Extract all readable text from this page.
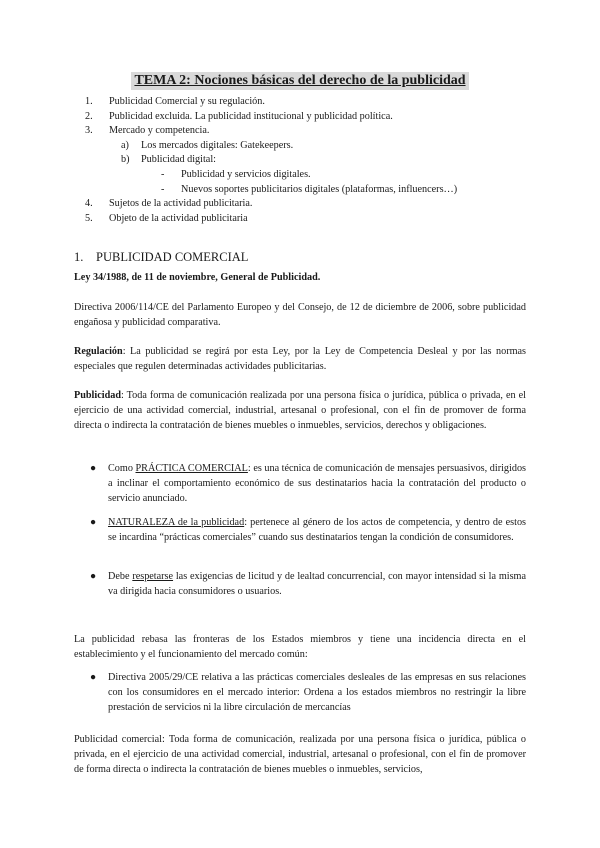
TEMA 2: Nociones básicas del derecho de la publicidad
1.	Publicidad Comercial y su regulación.
2.	Publicidad excluida. La publicidad institucional y publicidad política.
3.	Mercado y competencia.
a)	Los mercados digitales: Gatekeepers.
b)	Publicidad digital:
-	Publicidad y servicios digitales.
-	Nuevos soportes publicitarios digitales (plataformas, influencers…)
4.	Sujetos de la actividad publicitaria.
5.	Objeto de la actividad publicitaria
1.	PUBLICIDAD COMERCIAL
Ley 34/1988, de 11 de noviembre, General de Publicidad.
Directiva 2006/114/CE del Parlamento Europeo y del Consejo, de 12 de diciembre de 2006, sobre publicidad engañosa y publicidad comparativa.
Regulación: La publicidad se regirá por esta Ley, por la Ley de Competencia Desleal y por las normas especiales que regulen determinadas actividades publicitarias.
Publicidad: Toda forma de comunicación realizada por una persona física o jurídica, pública o privada, en el ejercicio de una actividad comercial, industrial, artesanal o profesional, con el fin de promover de forma directa o indirecta la contratación de bienes muebles o inmuebles, servicios, derechos y obligaciones.
●	Como PRÁCTICA COMERCIAL: es una técnica de comunicación de mensajes persuasivos, dirigidos a inclinar el comportamiento económico de sus destinatarios hacia la contratación del producto o servicio anunciado.
●	NATURALEZA de la publicidad: pertenece al género de los actos de competencia, y dentro de estos se incardina “prácticas comerciales” cuando sus destinatarios tengan la condición de consumidores.
●	Debe respetarse las exigencias de licitud y de lealtad concurrencial, con mayor intensidad si la misma va dirigida hacia consumidores o usuarios.
La publicidad rebasa las fronteras de los Estados miembros y tiene una incidencia directa en el establecimiento y el funcionamiento del mercado común:
●	Directiva 2005/29/CE relativa a las prácticas comerciales desleales de las empresas en sus relaciones con los consumidores en el mercado interior: Ordena a los estados miembros no restringir la libre prestación de servicios ni la libre circulación de mercancías
Publicidad comercial: Toda forma de comunicación, realizada por una persona física o jurídica, pública o privada, en el ejercicio de una actividad comercial, industrial, artesanal o profesional, con el fin de promover de forma directa o indirecta la contratación de bienes muebles o inmuebles, servicios,
